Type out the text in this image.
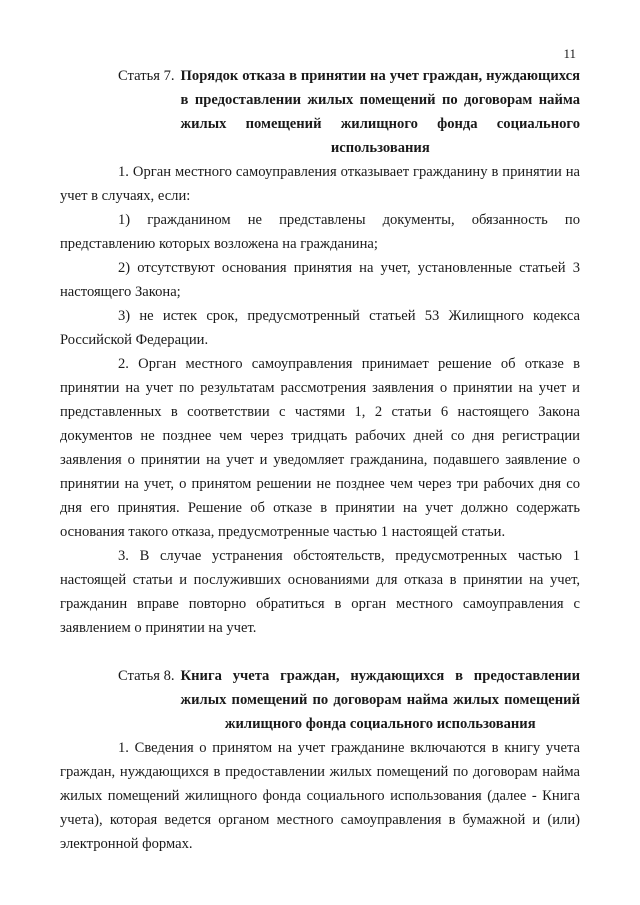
11
Статья 7. Порядок отказа в принятии на учет граждан, нуждающихся в предоставлении жилых помещений по договорам найма жилых помещений жилищного фонда социального использования

1. Орган местного самоуправления отказывает гражданину в принятии на учет в случаях, если:

1) гражданином не представлены документы, обязанность по представлению которых возложена на гражданина;

2) отсутствуют основания принятия на учет, установленные статьей 3 настоящего Закона;

3) не истек срок, предусмотренный статьей 53 Жилищного кодекса Российской Федерации.

2. Орган местного самоуправления принимает решение об отказе в принятии на учет по результатам рассмотрения заявления о принятии на учет и представленных в соответствии с частями 1, 2 статьи 6 настоящего Закона документов не позднее чем через тридцать рабочих дней со дня регистрации заявления о принятии на учет и уведомляет гражданина, подавшего заявление о принятии на учет, о принятом решении не позднее чем через три рабочих дня со дня его принятия. Решение об отказе в принятии на учет должно содержать основания такого отказа, предусмотренные частью 1 настоящей статьи.

3. В случае устранения обстоятельств, предусмотренных частью 1 настоящей статьи и послуживших основаниями для отказа в принятии на учет, гражданин вправе повторно обратиться в орган местного самоуправления с заявлением о принятии на учет.

Статья 8. Книга учета граждан, нуждающихся в предоставлении жилых помещений по договорам найма жилых помещений жилищного фонда социального использования

1. Сведения о принятом на учет гражданине включаются в книгу учета граждан, нуждающихся в предоставлении жилых помещений по договорам найма жилых помещений жилищного фонда социального использования (далее - Книга учета), которая ведется органом местного самоуправления в бумажной и (или) электронной формах.
